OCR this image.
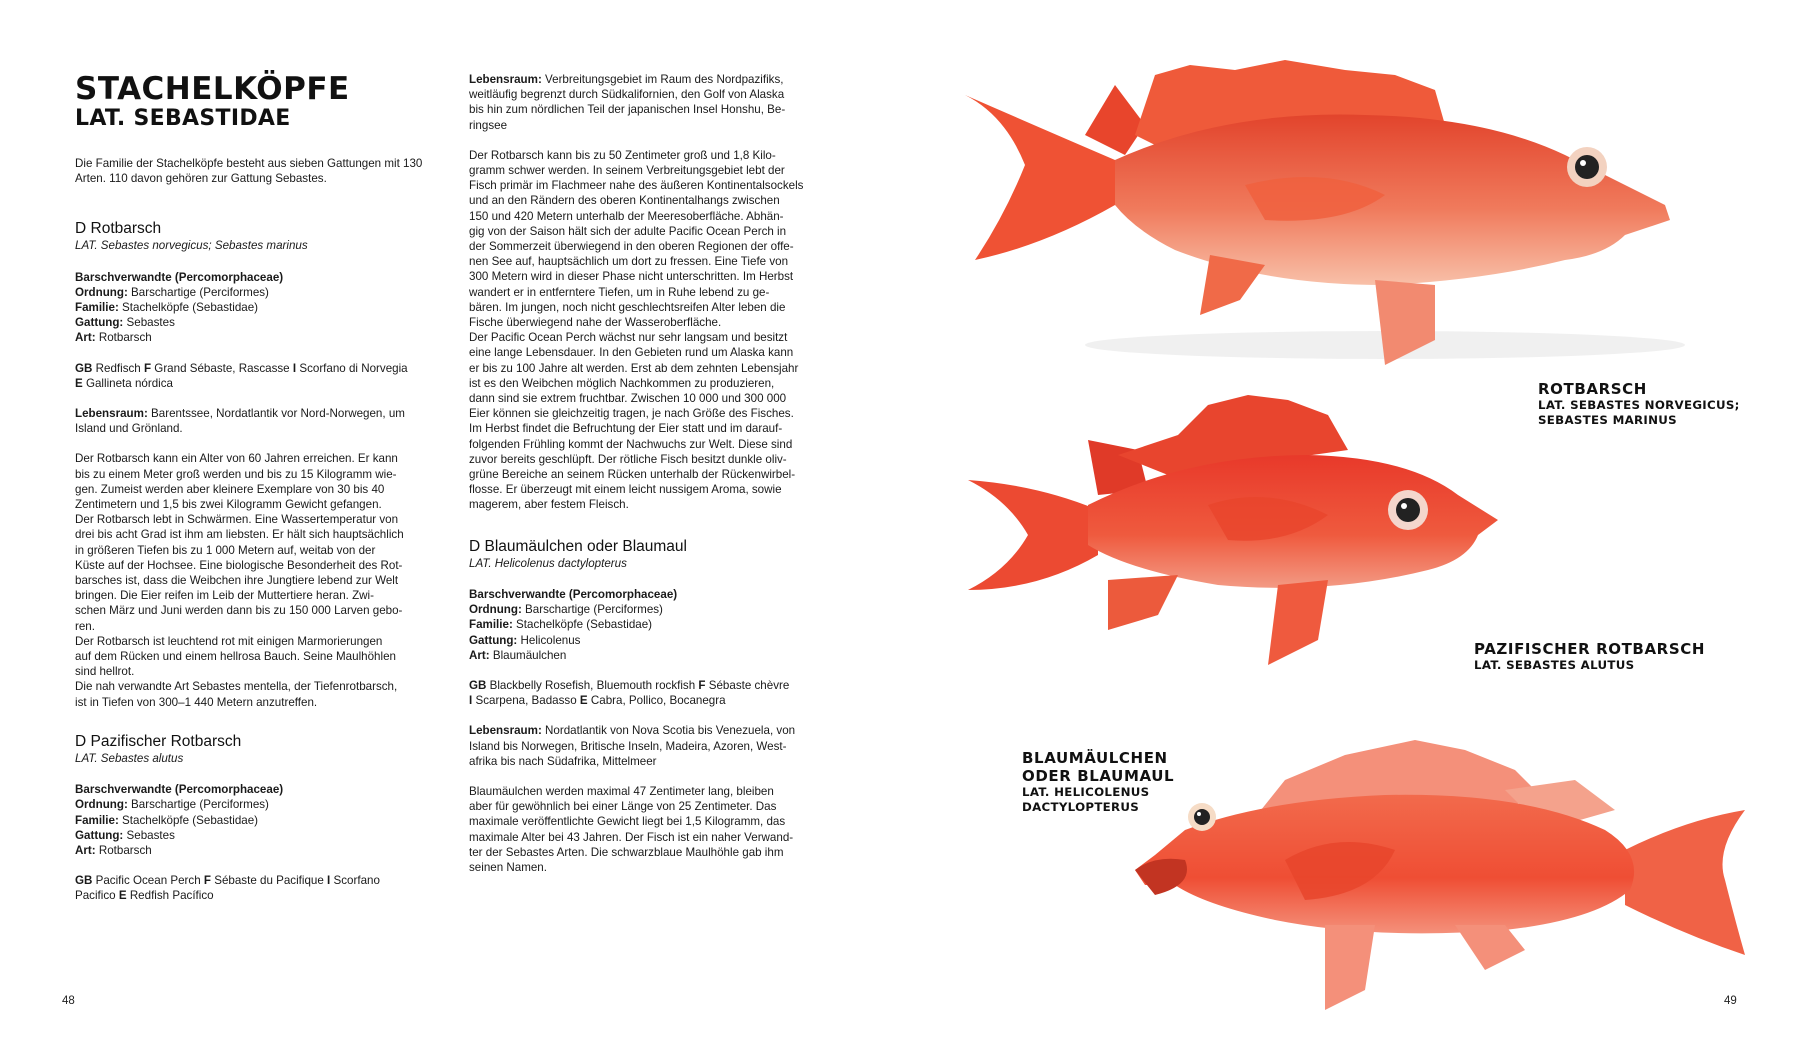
STACHELKÖPFE
LAT. SEBASTIDAE

Die Familie der Stachelköpfe besteht aus sieben Gattungen mit 130 Arten. 110 davon gehören zur Gattung Sebastes.

D Rotbarsch
LAT. Sebastes norvegicus; Sebastes marinus
Barschverwandte (Percomorphaceae)
Ordnung: Barschartige (Perciformes)
Familie: Stachelköpfe (Sebastidae)
Gattung: Sebastes
Art: Rotbarsch
GB Redfisch F Grand Sébaste, Rascasse I Scorfano di Norvegia
E Gallineta nórdica

Lebensraum: Barentssee, Nordatlantik vor Nord-Norwegen, um Island und Grönland.

Der Rotbarsch kann ein Alter von 60 Jahren erreichen. Er kann
bis zu einem Meter groß werden und bis zu 15 Kilogramm wie-
gen. Zumeist werden aber kleinere Exemplare von 30 bis 40
Zentimetern und 1,5 bis zwei Kilogramm Gewicht gefangen.
Der Rotbarsch lebt in Schwärmen. Eine Wassertemperatur von
drei bis acht Grad ist ihm am liebsten. Er hält sich hauptsächlich
in größeren Tiefen bis zu 1 000 Metern auf, weitab von der
Küste auf der Hochsee. Eine biologische Besonderheit des Rot-
barsches ist, dass die Weibchen ihre Jungtiere lebend zur Welt
bringen. Die Eier reifen im Leib der Muttertiere heran. Zwi-
schen März und Juni werden dann bis zu 150 000 Larven gebo-
ren.
Der Rotbarsch ist leuchtend rot mit einigen Marmorierungen
auf dem Rücken und einem hellrosa Bauch. Seine Maulhöhlen
sind hellrot.
Die nah verwandte Art Sebastes mentella, der Tiefenrotbarsch,
ist in Tiefen von 300–1 440 Metern anzutreffen.
D Pazifischer Rotbarsch
LAT. Sebastes alutus
Barschverwandte (Percomorphaceae)
Ordnung: Barschartige (Perciformes)
Familie: Stachelköpfe (Sebastidae)
Gattung: Sebastes
Art: Rotbarsch
GB Pacific Ocean Perch F Sébaste du Pacifique I Scorfano
Pacifico E Redfish Pacífico
Lebensraum: Verbreitungsgebiet im Raum des Nordpazifiks,
weitläufig begrenzt durch Südkalifornien, den Golf von Alaska
bis hin zum nördlichen Teil der japanischen Insel Honshu, Be-
ringsee
Der Rotbarsch kann bis zu 50 Zentimeter groß und 1,8 Kilo-
gramm schwer werden. In seinem Verbreitungsgebiet lebt der
Fisch primär im Flachmeer nahe des äußeren Kontinentalsockels
und an den Rändern des oberen Kontinentalhangs zwischen
150 und 420 Metern unterhalb der Meeresoberfläche. Abhän-
gig von der Saison hält sich der adulte Pacific Ocean Perch in
der Sommerzeit überwiegend in den oberen Regionen der offe-
nen See auf, hauptsächlich um dort zu fressen. Eine Tiefe von
300 Metern wird in dieser Phase nicht unterschritten. Im Herbst
wandert er in entferntere Tiefen, um in Ruhe lebend zu ge-
bären. Im jungen, noch nicht geschlechtsreifen Alter leben die
Fische überwiegend nahe der Wasseroberfläche.
Der Pacific Ocean Perch wächst nur sehr langsam und besitzt
eine lange Lebensdauer. In den Gebieten rund um Alaska kann
er bis zu 100 Jahre alt werden. Erst ab dem zehnten Lebensjahr
ist es den Weibchen möglich Nachkommen zu produzieren,
dann sind sie extrem fruchtbar. Zwischen 10 000 und 300 000
Eier können sie gleichzeitig tragen, je nach Größe des Fisches.
Im Herbst findet die Befruchtung der Eier statt und im darauf-
folgenden Frühling kommt der Nachwuchs zur Welt. Diese sind
zuvor bereits geschlüpft. Der rötliche Fisch besitzt dunkle oliv-
grüne Bereiche an seinem Rücken unterhalb der Rückenwirbel-
flosse. Er überzeugt mit einem leicht nussigem Aroma, sowie
magerem, aber festem Fleisch.
D Blaumäulchen oder Blaumaul
LAT. Helicolenus dactylopterus
Barschverwandte (Percomorphaceae)
Ordnung: Barschartige (Perciformes)
Familie: Stachelköpfe (Sebastidae)
Gattung: Helicolenus
Art: Blaumäulchen
GB Blackbelly Rosefish, Bluemouth rockfish F Sébaste chèvre
I Scarpena, Badasso E Cabra, Pollico, Bocanegra
Lebensraum: Nordatlantik von Nova Scotia bis Venezuela, von
Island bis Norwegen, Britische Inseln, Madeira, Azoren, West-
afrika bis nach Südafrika, Mittelmeer
Blaumäulchen werden maximal 47 Zentimeter lang, bleiben
aber für gewöhnlich bei einer Länge von 25 Zentimeter. Das
maximale veröffentlichte Gewicht liegt bei 1,5 Kilogramm, das
maximale Alter bei 43 Jahren. Der Fisch ist ein naher Verwand-
ter der Sebastes Arten. Die schwarzblaue Maulhöhle gab ihm
seinen Namen.
ROTBARSCH
LAT. SEBASTES NORVEGICUS;
SEBASTES MARINUS
PAZIFISCHER ROTBARSCH
LAT. SEBASTES ALUTUS
BLAUMÄULCHEN
ODER BLAUMAUL
LAT. HELICOLENUS
DACTYLOPTERUS
48	49
